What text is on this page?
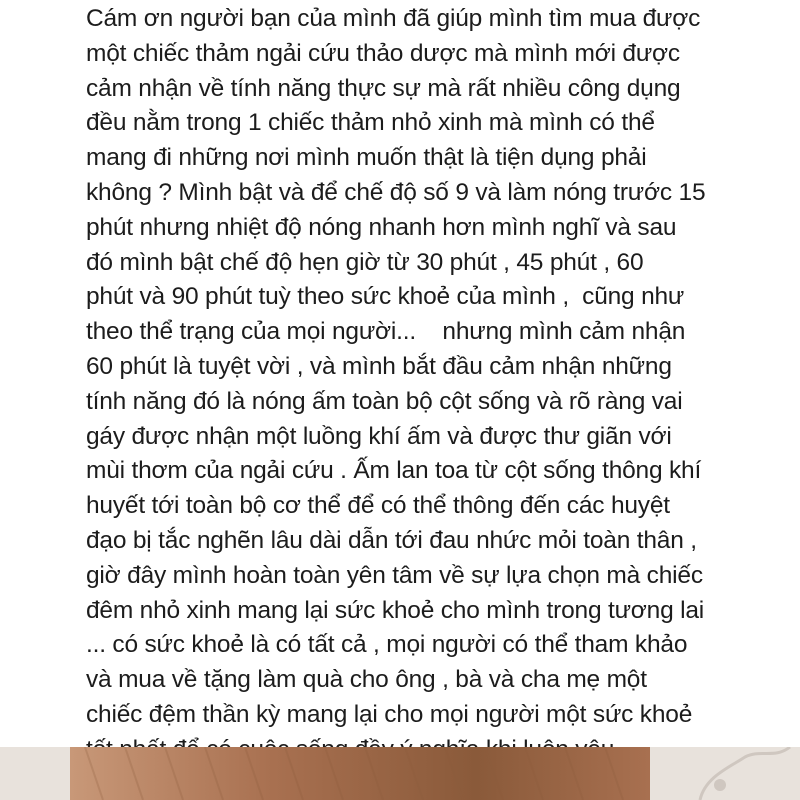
Cám ơn người bạn của mình đã giúp mình tìm mua được
một chiếc thảm ngải cứu thảo dược mà mình mới được
cảm nhận về tính năng thực sự mà rất nhiều công dụng
đều nằm trong 1 chiếc thảm nhỏ xinh mà mình có thể
mang đi những nơi mình muốn thật là tiện dụng phải
không ? Mình bật và để chế độ số 9 và làm nóng trước 15
phút nhưng nhiệt độ nóng nhanh hơn mình nghĩ và sau
đó mình bật chế độ hẹn giờ từ 30 phút , 45 phút , 60
phút và 90 phút tuỳ theo sức khoẻ của mình ,  cũng như
theo thể trạng của mọi người...    nhưng mình cảm nhận
60 phút là tuyệt vời , và mình bắt đầu cảm nhận những
tính năng đó là nóng ấm toàn bộ cột sống và rõ ràng vai
gáy được nhận một luồng khí ấm và được thư giãn với
mùi thơm của ngải cứu . Ấm lan toa từ cột sống thông khí
huyết tới toàn bộ cơ thể để có thể thông đến các huyệt
đạo bị tắc nghẽn lâu dài dẫn tới đau nhức mỏi toàn thân ,
giờ đây mình hoàn toàn yên tâm về sự lựa chọn mà chiếc
đêm nhỏ xinh mang lại sức khoẻ cho mình trong tương lai
... có sức khoẻ là có tất cả , mọi người có thể tham khảo
và mua về tặng làm quà cho ông , bà và cha mẹ một
chiếc đệm thần kỳ mang lại cho mọi người một sức khoẻ
